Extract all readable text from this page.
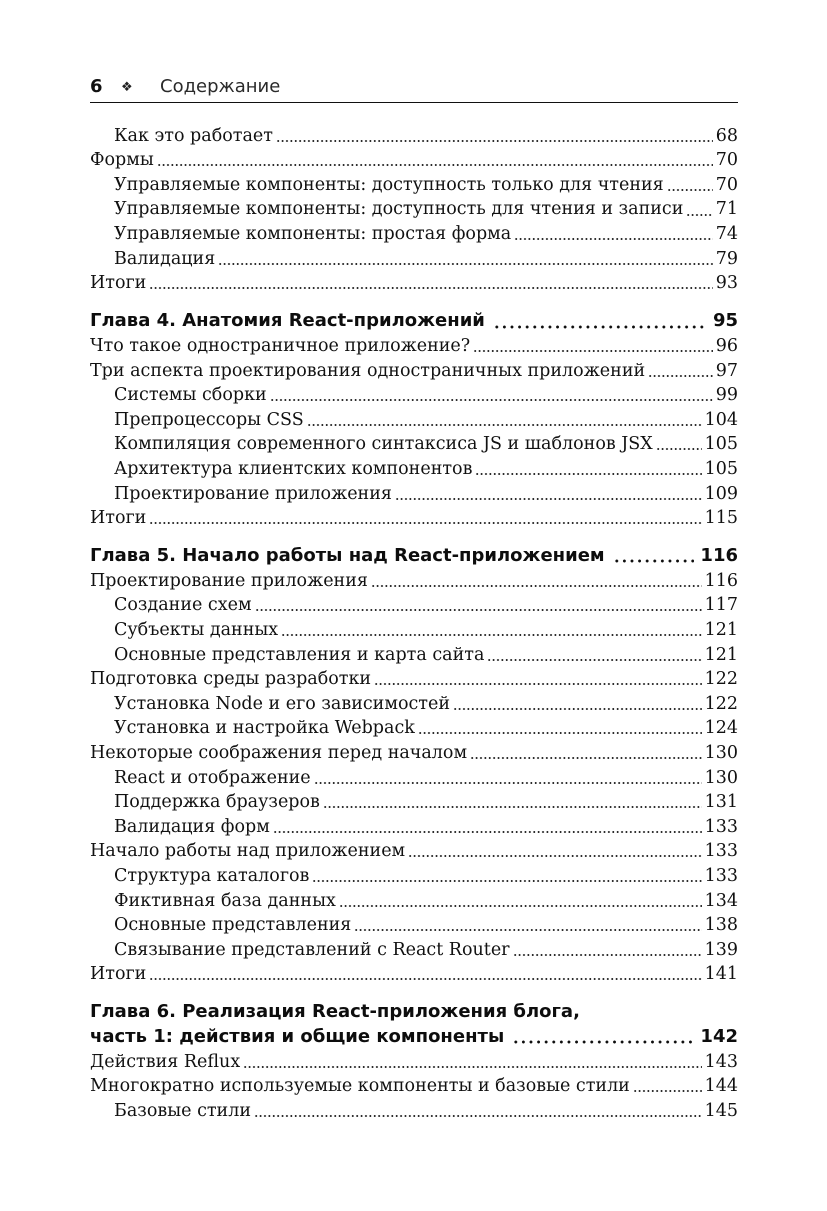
6 ❖ Содержание
Как это работает	68
Формы	70
Управляемые компоненты: доступность только для чтения	70
Управляемые компоненты: доступность для чтения и записи 71
Управляемые компоненты: простая форма	74
Валидация	79
Итоги	93
Глава 4. Анатомия React-приложений	95
Что такое одностраничное приложение?	96
Три аспекта проектирования одностраничных приложений	97
Системы сборки	99
Препроцессоры CSS	104
Компиляция современного синтаксиса JS и шаблонов JSX	105
Архитектура клиентских компонентов	105
Проектирование приложения	109
Итоги	115
Глава 5. Начало работы над React-приложением	116
Проектирование приложения	116
Создание схем	117
Субъекты данных	121
Основные представления и карта сайта	121
Подготовка среды разработки	122
Установка Node и его зависимостей	122
Установка и настройка Webpack	124
Некоторые соображения перед началом	130
React и отображение	130
Поддержка браузеров	131
Валидация форм	133
Начало работы над приложением	133
Структура каталогов	133
Фиктивная база данных	134
Основные представления	138
Связывание представлений с React Router	139
Итоги	141
Глава 6. Реализация React-приложения блога,
часть 1: действия и общие компоненты	142
Действия Reflux	143
Многократно используемые компоненты и базовые стили	144
Базовые стили	145
